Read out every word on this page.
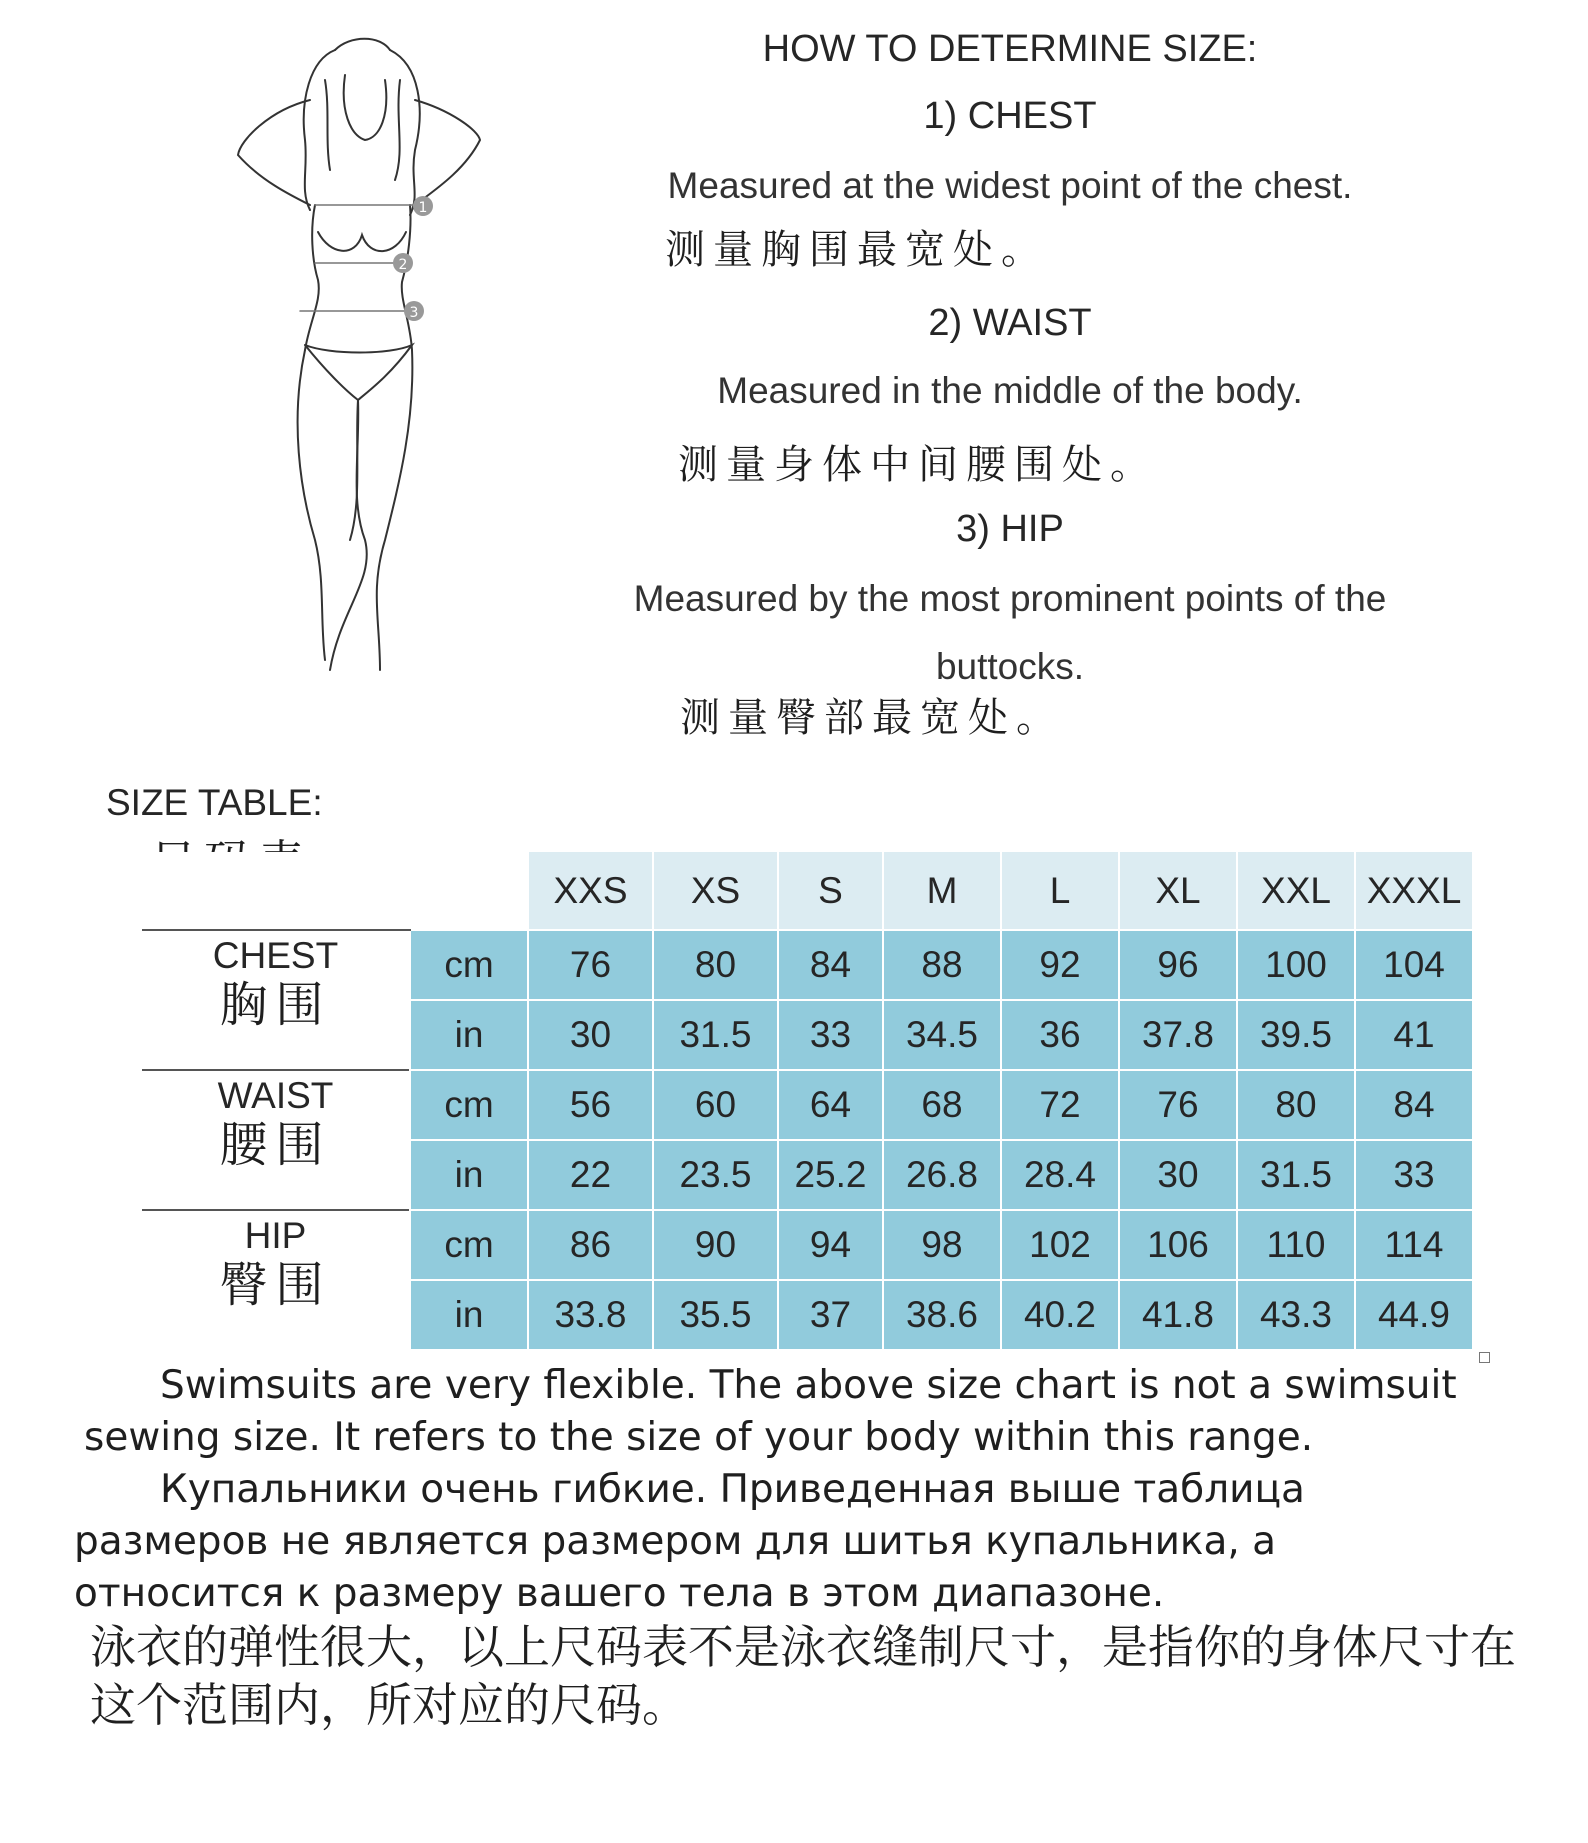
1
2
3
HOW TO DETERMINE SIZE:
1) CHEST
Measured at the widest point of the chest.
测量胸围最宽处。
2) WAIST
Measured in the middle of the body.
测量身体中间腰围处。
3) HIP
Measured by the most prominent points of the
buttocks.
测量臀部最宽处。
SIZE TABLE:
		XXS	XS	S	M	L	XL	XXL	XXXL

CHEST
胸围	cm	76	80	84	88	92	96	100	104
	in	30	31.5	33	34.5	36	37.8	39.5	41

WAIST
腰围	cm	56	60	64	68	72	76	80	84
	in	22	23.5	25.2	26.8	28.4	30	31.5	33

HIP
臀围	cm	86	90	94	98	102	106	110	114
	in	33.8	35.5	37	38.6	40.2	41.8	43.3	44.9
Swimsuits are very flexible. The above size chart is not a swimsuit
sewing size. It refers to the size of your body within this range.
Купальники очень гибкие. Приведенная выше таблица
размеров не является размером для шитья купальника, а
относится к размеру вашего тела в этом диапазоне.
泳衣的弹性很大，以上尺码表不是泳衣缝制尺寸，是指你的身体尺寸在这个范围内，所对应的尺码。
